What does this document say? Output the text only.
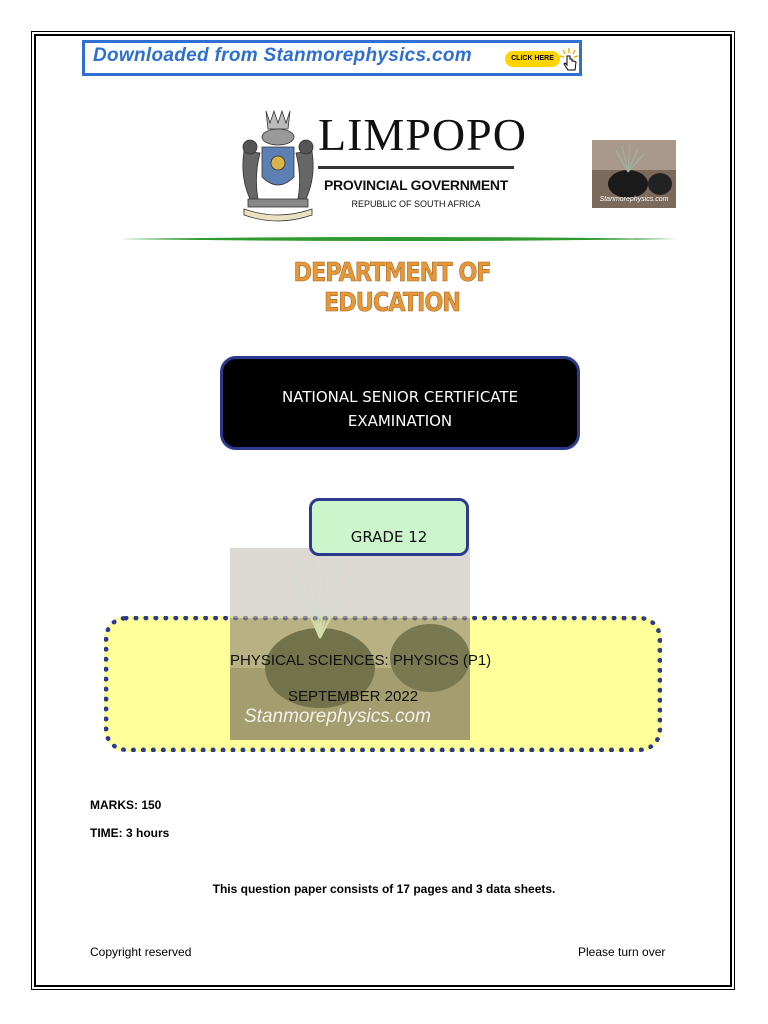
Downloaded from Stanmorephysics.com	CLICK HERE
LIMPOPO
PROVINCIAL GOVERNMENT
REPUBLIC OF SOUTH AFRICA	Stanmorephysics.com
DEPARTMENT OF EDUCATION
NATIONAL SENIOR CERTIFICATE
EXAMINATION
GRADE 12
Stanmorephysics.com
PHYSICAL SCIENCES: PHYSICS (P1)
SEPTEMBER 2022
MARKS: 150
TIME: 3 hours
This question paper consists of 17 pages and 3 data sheets.
Copyright reserved	Please turn over
